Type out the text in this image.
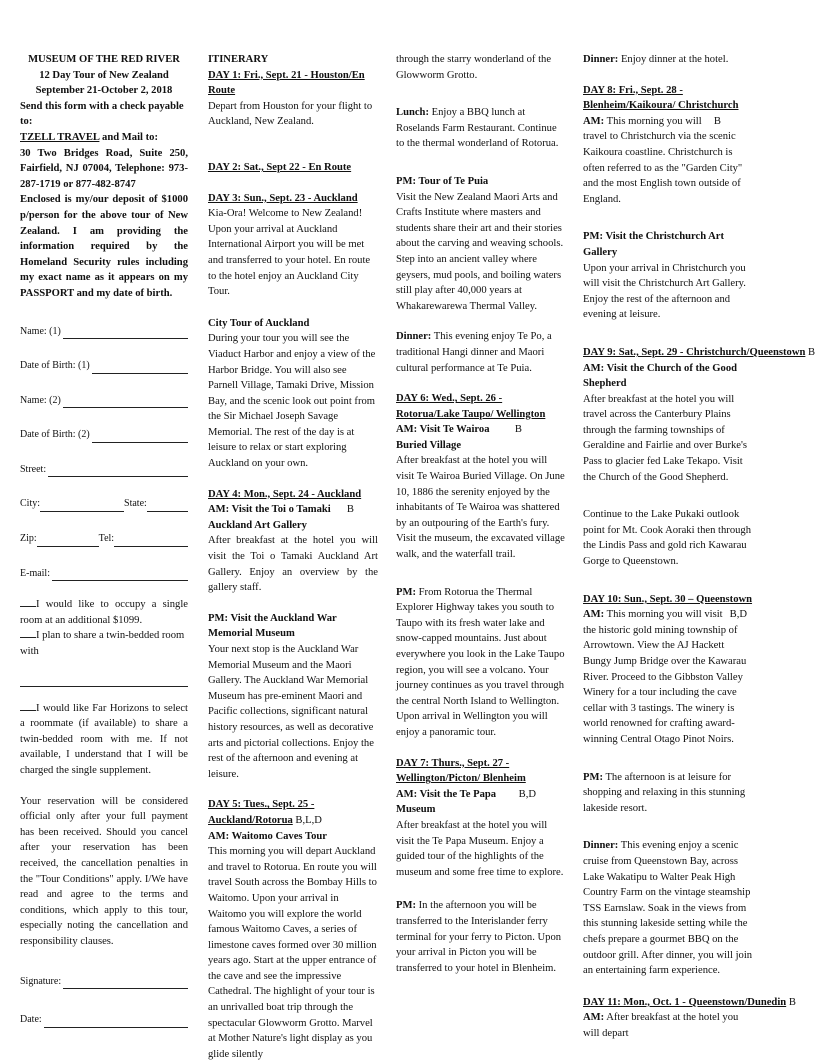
MUSEUM OF THE RED RIVER

12 Day Tour of New Zealand

September 21-October 2, 2018

Send this form with a check payable to:

TZELL TRAVEL and Mail to:

30 Two Bridges Road, Suite 250, Fairfield, NJ 07004, Telephone: 973-287-1719 or 877-482-8747

Enclosed is my/our deposit of $1000 p/person for the above tour of New Zealand. I am providing the information required by the Homeland Security rules including my exact name as it appears on my PASSPORT and my date of birth.

Name: (1)
Date of Birth: (1)
Name: (2)
Date of Birth: (2)
Street:
City:	State:
Zip:	Tel:
E-mail:

I would like to occupy a single room at an additional $1099.

I plan to share a twin-bedded room with

I would like Far Horizons to select a roommate (if available) to share a twin-bedded room with me. If not available, I understand that I will be charged the single supplement.

Your reservation will be considered official only after your full payment has been received. Should you cancel after your reservation has been received, the cancellation penalties in the "Tour Conditions" apply. I/We have read and agree to the terms and conditions, which apply to this tour, especially noting the cancellation and responsibility clauses.

Signature:
Date:

ITINERARY

DAY 1: Fri., Sept. 21 - Houston/En Route

Depart from Houston for your flight to Auckland, New Zealand.

DAY 2: Sat., Sept 22 - En Route

DAY 3: Sun., Sept. 23 - Auckland

Kia-Ora! Welcome to New Zealand! Upon your arrival at Auckland International Airport you will be met and transferred to your hotel. En route to the hotel enjoy an Auckland City Tour.

City Tour of Auckland

During your tour you will see the Viaduct Harbor and enjoy a view of the Harbor Bridge. You will also see Parnell Village, Tamaki Drive, Mission Bay, and the scenic look out point from the Sir Michael Joseph Savage Memorial. The rest of the day is at leisure to relax or start exploring Auckland on your own.

DAY 4: Mon., Sept. 24 - Auckland
B

AM: Visit the Toi o Tamaki Auckland Art Gallery

After breakfast at the hotel you will visit the Toi o Tamaki Auckland Art Gallery. Enjoy an overview by the gallery staff.

PM: Visit the Auckland War Memorial Museum

Your next stop is the Auckland War Memorial Museum and the Maori Gallery. The Auckland War Memorial Museum has pre-eminent Maori and Pacific collections, significant natural history resources, as well as decorative arts and pictorial collections. Enjoy the rest of the afternoon and evening at leisure.

DAY 5: Tues., Sept. 25 - Auckland/Rotorua B,L,D

AM: Waitomo Caves Tour

This morning you will depart Auckland and travel to Rotorua. En route you will travel South across the Bombay Hills to Waitomo. Upon your arrival in Waitomo you will explore the world famous Waitomo Caves, a series of limestone caves formed over 30 million years ago. Start at the upper entrance of the cave and see the impressive Cathedral. The highlight of your tour is an unrivalled boat trip through the spectacular Glowworm Grotto. Marvel at Mother Nature's light display as you glide silently

through the starry wonderland of the Glowworm Grotto.

Lunch: Enjoy a BBQ lunch at Roselands Farm Restaurant. Continue to the thermal wonderland of Rotorua.

PM: Tour of Te Puia

Visit the New Zealand Maori Arts and Crafts Institute where masters and students share their art and their stories about the carving and weaving schools. Step into an ancient valley where geysers, mud pools, and boiling waters still play after 40,000 years at Whakarewarewa Thermal Valley.

Dinner: This evening enjoy Te Po, a traditional Hangi dinner and Maori cultural performance at Te Puia.

DAY 6: Wed., Sept. 26 - Rotorua/Lake Taupo/ Wellington
B

AM: Visit Te Wairoa Buried Village

After breakfast at the hotel you will visit Te Wairoa Buried Village. On June 10, 1886 the serenity enjoyed by the inhabitants of Te Wairoa was shattered by an outpouring of the Earth's fury. Visit the museum, the excavated village walk, and the waterfall trail.

PM: From Rotorua the Thermal Explorer Highway takes you south to Taupo with its fresh water lake and snow-capped mountains. Just about everywhere you look in the Lake Taupo region, you will see a volcano. Your journey continues as you travel through the central North Island to Wellington. Upon arrival in Wellington you will enjoy a panoramic tour.

DAY 7: Thurs., Sept. 27 - Wellington/Picton/ Blenheim
B,D

AM: Visit the Te Papa Museum

After breakfast at the hotel you will visit the Te Papa Museum. Enjoy a guided tour of the highlights of the museum and some free time to explore.

PM: In the afternoon you will be transferred to the Interislander ferry terminal for your ferry to Picton. Upon your arrival in Picton you will be transferred to your hotel in Blenheim.

Dinner: Enjoy dinner at the hotel.

DAY 8: Fri., Sept. 28 - Blenheim/Kaikoura/ Christchurch
B

AM: This morning you will travel to Christchurch via the scenic Kaikoura coastline. Christchurch is often referred to as the "Garden City" and the most English town outside of England.

PM: Visit the Christchurch Art Gallery

Upon your arrival in Christchurch you will visit the Christchurch Art Gallery. Enjoy the rest of the afternoon and evening at leisure.

DAY 9: Sat., Sept. 29 - Christchurch/Queenstown B

AM: Visit the Church of the Good Shepherd

After breakfast at the hotel you will travel across the Canterbury Plains through the farming townships of Geraldine and Fairlie and over Burke's Pass to glacier fed Lake Tekapo. Visit the Church of the Good Shepherd.

Continue to the Lake Pukaki outlook point for Mt. Cook Aoraki then through the Lindis Pass and gold rich Kawarau Gorge to Queenstown.

DAY 10: Sun., Sept. 30 – Queenstown
B,D

AM: This morning you will visit the historic gold mining township of Arrowtown. View the AJ Hackett Bungy Jump Bridge over the Kawarau River. Proceed to the Gibbston Valley Winery for a tour including the cave cellar with 3 tastings. The winery is world renowned for crafting award-winning Central Otago Pinot Noirs.

PM: The afternoon is at leisure for shopping and relaxing in this stunning lakeside resort.

Dinner: This evening enjoy a scenic cruise from Queenstown Bay, across Lake Wakatipu to Walter Peak High Country Farm on the vintage steamship TSS Earnslaw. Soak in the views from this stunning lakeside setting while the chefs prepare a gourmet BBQ on the outdoor grill. After dinner, you will join an entertaining farm experience.

DAY 11: Mon., Oct. 1 - Queenstown/Dunedin B

AM: After breakfast at the hotel you will depart
